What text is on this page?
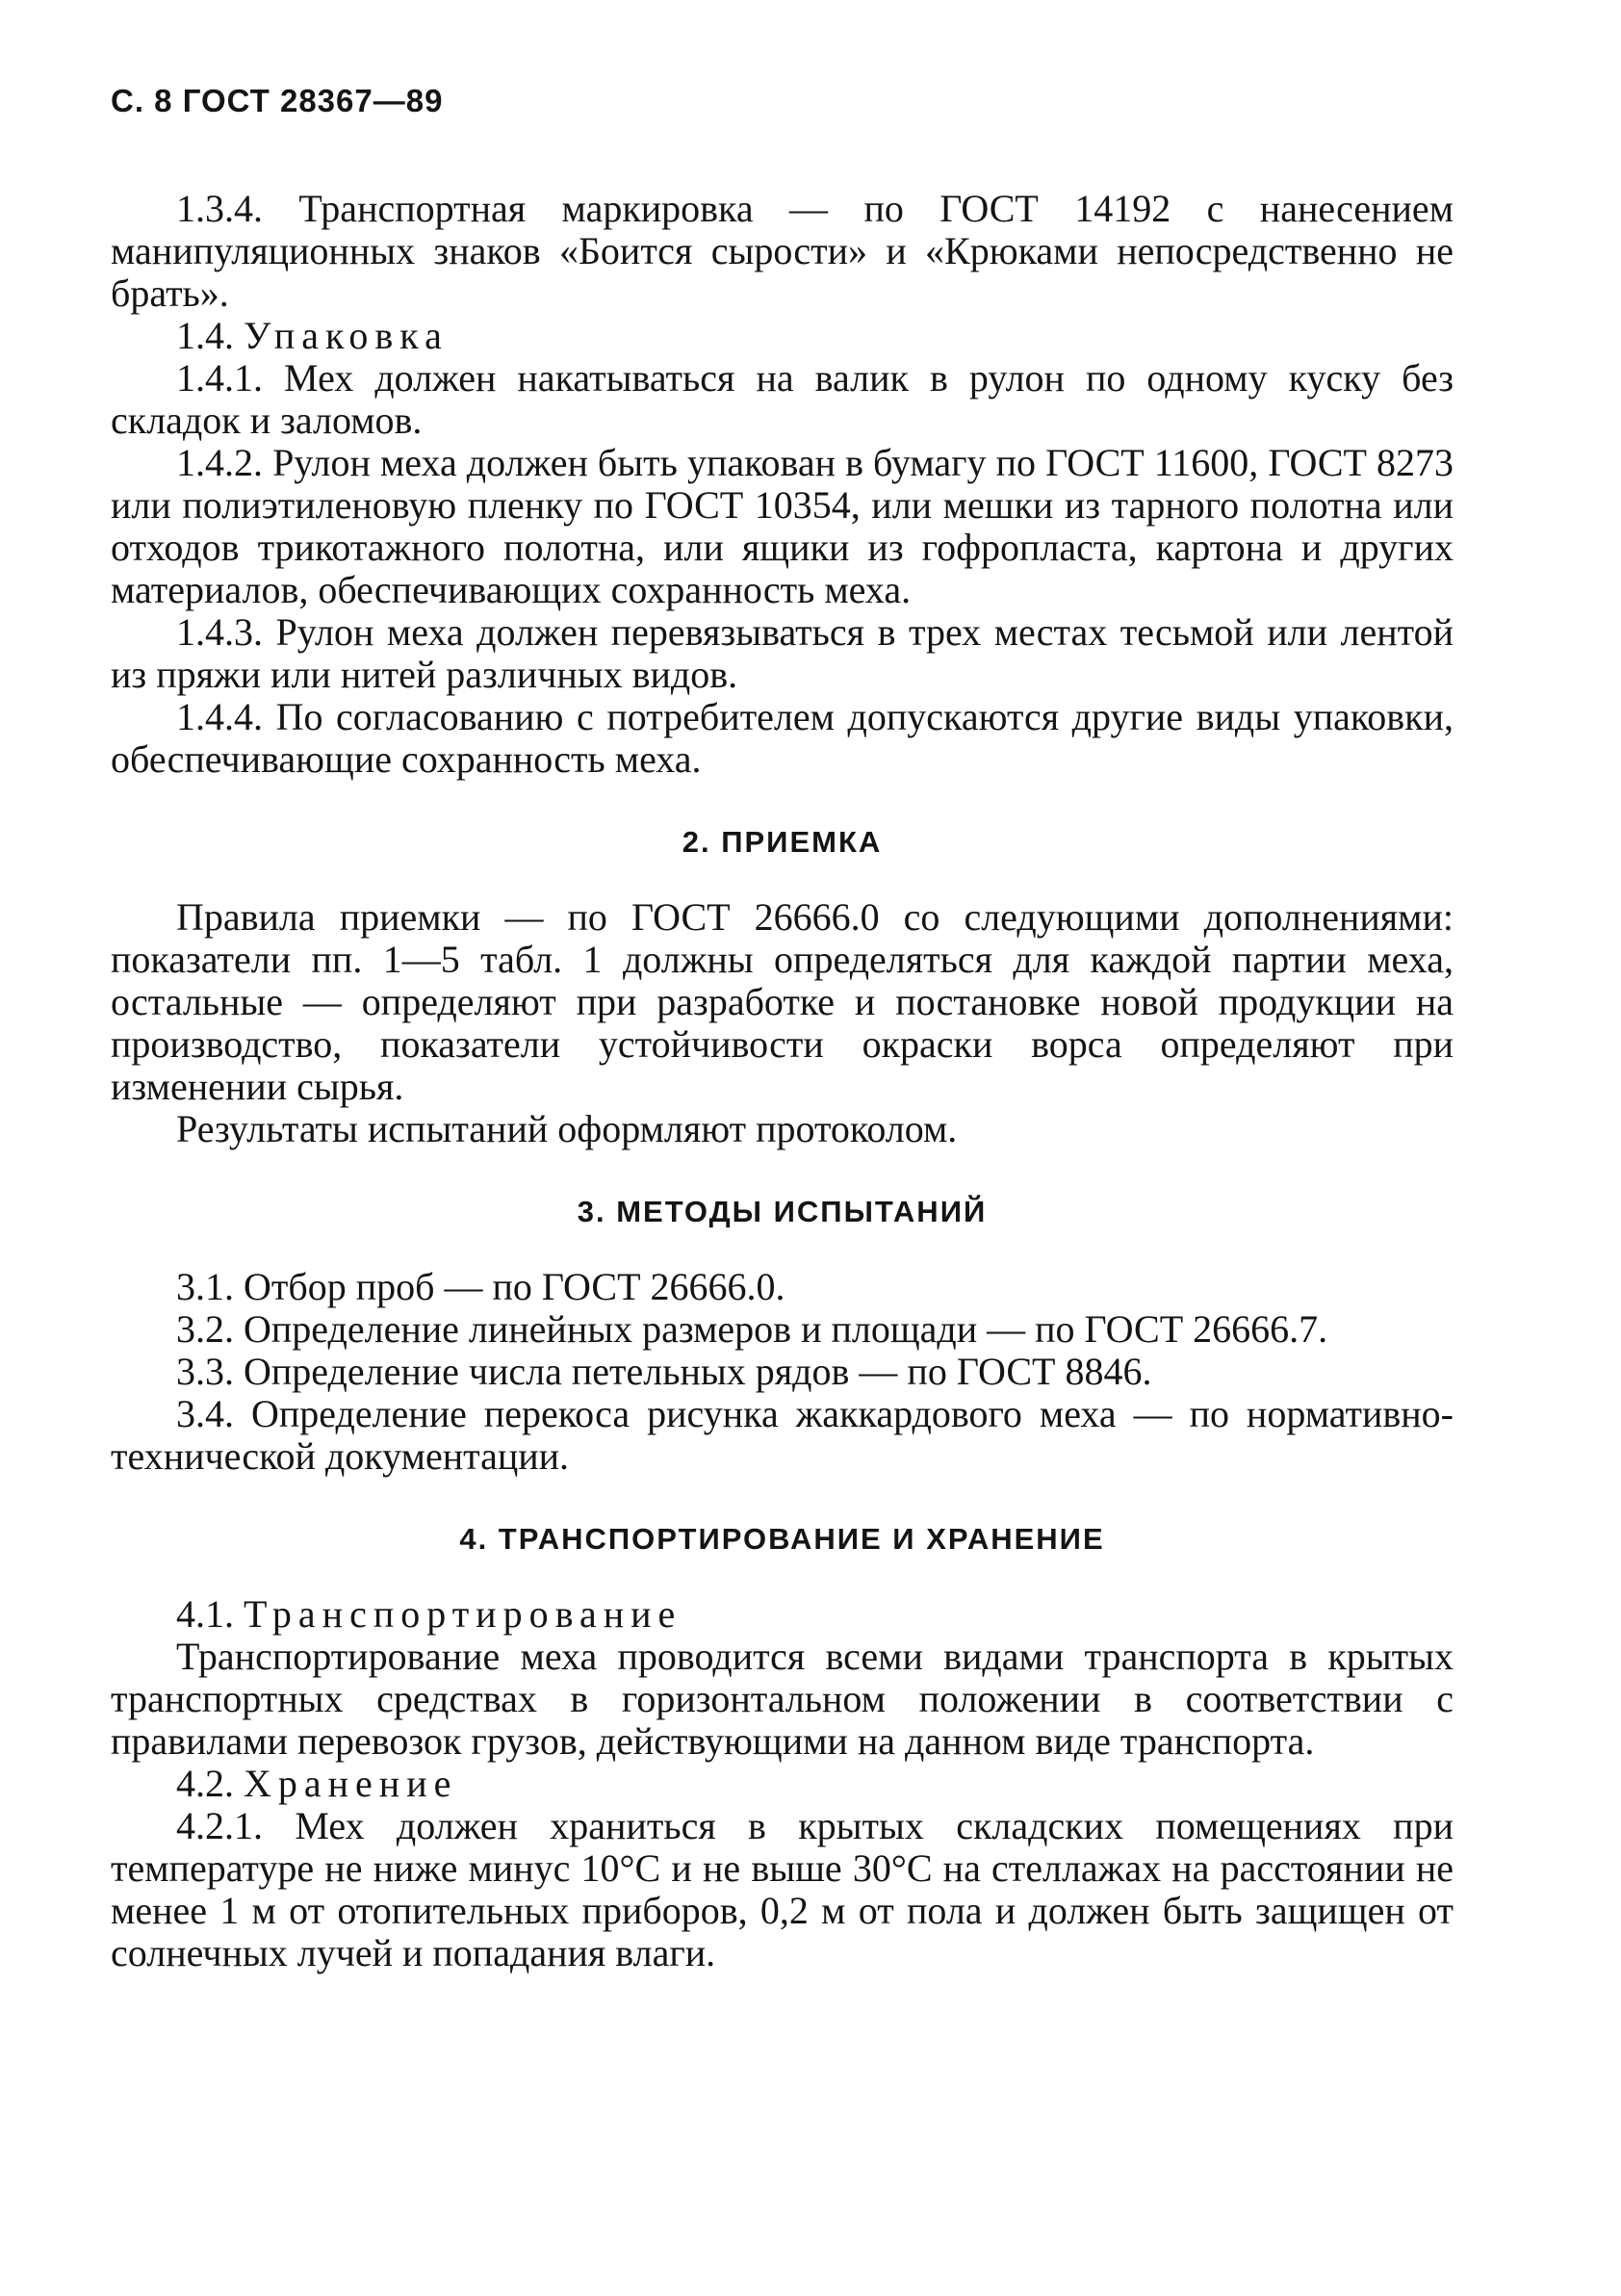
С. 8 ГОСТ 28367—89

1.3.4. Транспортная маркировка — по ГОСТ 14192 с нанесением манипуляционных знаков «Боится сырости» и «Крюками непосредственно не брать».

1.4. Упаковка

1.4.1. Мех должен накатываться на валик в рулон по одному куску без складок и заломов.

1.4.2. Рулон меха должен быть упакован в бумагу по ГОСТ 11600, ГОСТ 8273 или полиэтиленовую пленку по ГОСТ 10354, или мешки из тарного полотна или отходов трикотажного полотна, или ящики из гофропласта, картона и других материалов, обеспечивающих сохранность меха.

1.4.3. Рулон меха должен перевязываться в трех местах тесьмой или лентой из пряжи или нитей различных видов.

1.4.4. По согласованию с потребителем допускаются другие виды упаковки, обеспечивающие сохранность меха.

2. ПРИЕМКА

Правила приемки — по ГОСТ 26666.0 со следующими дополнениями: показатели пп. 1—5 табл. 1 должны определяться для каждой партии меха, остальные — определяют при разработке и постановке новой продукции на производство, показатели устойчивости окраски ворса определяют при изменении сырья.

Результаты испытаний оформляют протоколом.

3. МЕТОДЫ ИСПЫТАНИЙ

3.1. Отбор проб — по ГОСТ 26666.0.

3.2. Определение линейных размеров и площади — по ГОСТ 26666.7.

3.3. Определение числа петельных рядов — по ГОСТ 8846.

3.4. Определение перекоса рисунка жаккардового меха — по нормативно-технической документации.

4. ТРАНСПОРТИРОВАНИЕ И ХРАНЕНИЕ

4.1. Транспортирование

Транспортирование меха проводится всеми видами транспорта в крытых транспортных средствах в горизонтальном положении в соответствии с правилами перевозок грузов, действующими на данном виде транспорта.

4.2. Хранение

4.2.1. Мех должен храниться в крытых складских помещениях при температуре не ниже минус 10°С и не выше 30°С на стеллажах на расстоянии не менее 1 м от отопительных приборов, 0,2 м от пола и должен быть защищен от солнечных лучей и попадания влаги.
